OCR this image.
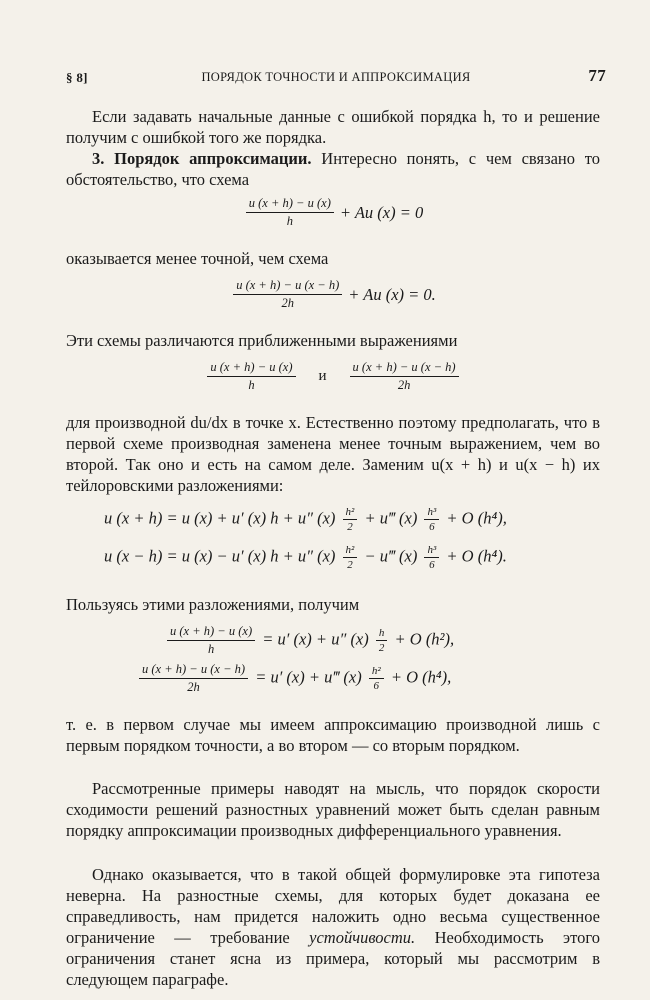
§ 8]	ПОРЯДОК ТОЧНОСТИ И АППРОКСИМАЦИЯ	77

Если задавать начальные данные с ошибкой порядка h, то и решение получим с ошибкой того же порядка.

3. Порядок аппроксимации. Интересно понять, с чем связано то обстоятельство, что схема

$\frac{u (x + h) - u (x)}{h} + Au$ (x) = 0

оказывается менее точной, чем схема

$\frac{u (x + h) - u (x - h)}{2h} + Au$ (x) = 0.

Эти схемы различаются приближенными выражениями

$\frac{u (x + h) - u (x)}{h}$ и $\frac{u (x + h) - u (x - h)}{2h}$

для производной du/dx в точке x. Естественно поэтому предполагать, что в первой схеме производная заменена менее точным выражением, чем во второй. Так оно и есть на самом деле. Заменим u(x + h) и u(x − h) их тейлоровскими разложениями:

u (x + h) = u (x) + u′ (x) h + u″ $(x) \frac{\text{h²}}{2}$ + u‴ $(x) \frac{\text{h³}}{6} + O$ (h⁴),
u (x − h) = u (x) − u′ (x) h + u″ $(x) \frac{\text{h²}}{2}$ − u‴ $(x) \frac{\text{h³}}{6} + O$ (h⁴).

Пользуясь этими разложениями, получим

$\frac{u (x + h) - u (x)}{h} = u'$ (x) + u″ $(x) \frac{h}{2} + O$ (h²),
$\frac{u (x + h) - u (x - h)}{2h} = u'$ (x) + u‴ $(x) \frac{\text{h²}}{6} + O$ (h⁴),

т. е. в первом случае мы имеем аппроксимацию производной лишь с первым порядком точности, а во втором — со вторым порядком.

Рассмотренные примеры наводят на мысль, что порядок скорости сходимости решений разностных уравнений может быть сделан равным порядку аппроксимации производных дифференциального уравнения.

Однако оказывается, что в такой общей формулировке эта гипотеза неверна. На разностные схемы, для которых будет доказана ее справедливость, нам придется наложить одно весьма существенное ограничение — требование устойчивости. Необходимость этого ограничения станет ясна из примера, который мы рассмотрим в следующем параграфе.
